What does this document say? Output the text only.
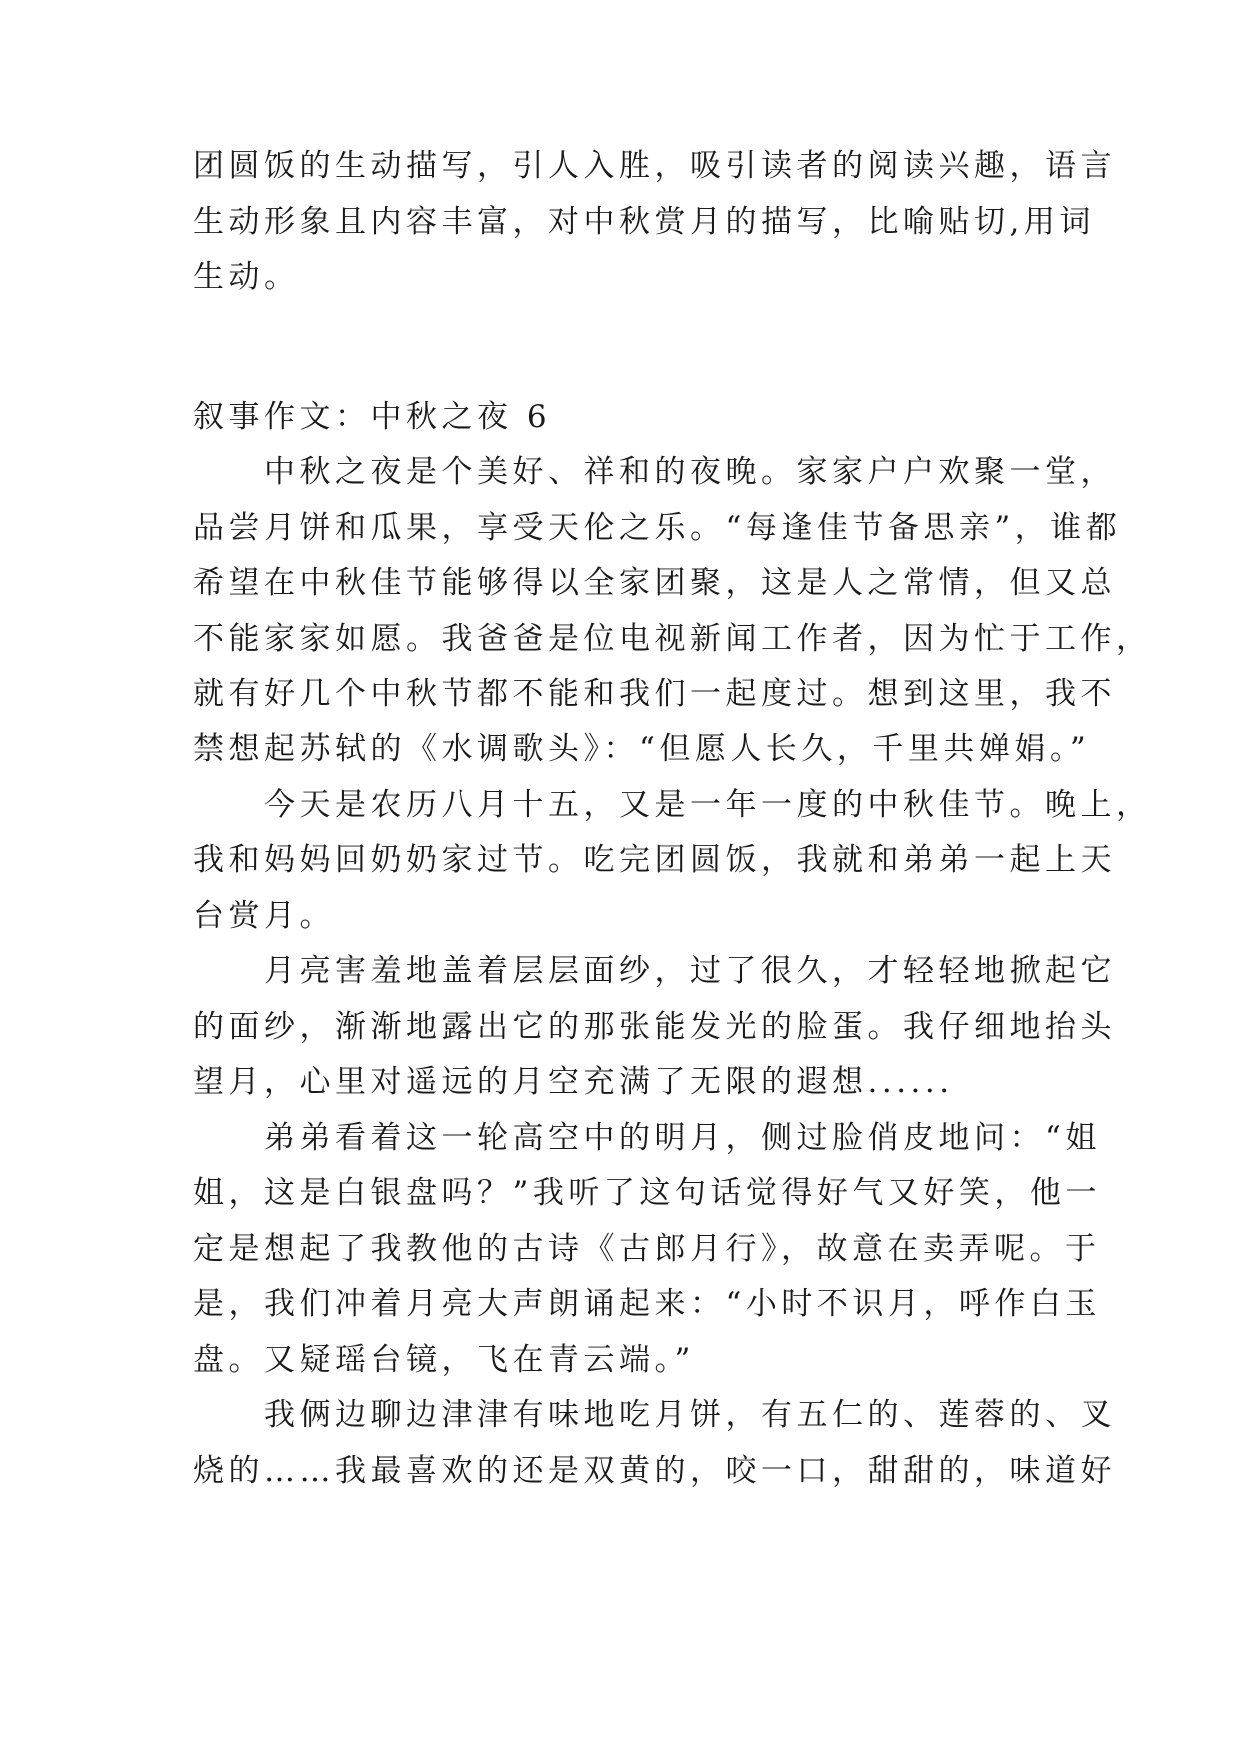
团圆饭的生动描写，引人入胜，吸引读者的阅读兴趣，语言
生动形象且内容丰富，对中秋赏月的描写，比喻贴切,用词
生动。
叙事作文：中秋之夜 6
　　中秋之夜是个美好、祥和的夜晚。家家户户欢聚一堂，
品尝月饼和瓜果，享受天伦之乐。“每逢佳节备思亲”，谁都
希望在中秋佳节能够得以全家团聚，这是人之常情，但又总
不能家家如愿。我爸爸是位电视新闻工作者，因为忙于工作，
就有好几个中秋节都不能和我们一起度过。想到这里，我不
禁想起苏轼的《水调歌头》：“但愿人长久，千里共婵娟。”
　　今天是农历八月十五，又是一年一度的中秋佳节。晚上，
我和妈妈回奶奶家过节。吃完团圆饭，我就和弟弟一起上天
台赏月。
　　月亮害羞地盖着层层面纱，过了很久，才轻轻地掀起它
的面纱，渐渐地露出它的那张能发光的脸蛋。我仔细地抬头
望月，心里对遥远的月空充满了无限的遐想......
　　弟弟看着这一轮高空中的明月，侧过脸俏皮地问：“姐
姐，这是白银盘吗？”我听了这句话觉得好气又好笑，他一
定是想起了我教他的古诗《古郎月行》，故意在卖弄呢。于
是，我们冲着月亮大声朗诵起来：“小时不识月，呼作白玉
盘。又疑瑶台镜，飞在青云端。”
　　我俩边聊边津津有味地吃月饼，有五仁的、莲蓉的、叉
烧的……我最喜欢的还是双黄的，咬一口，甜甜的，味道好
